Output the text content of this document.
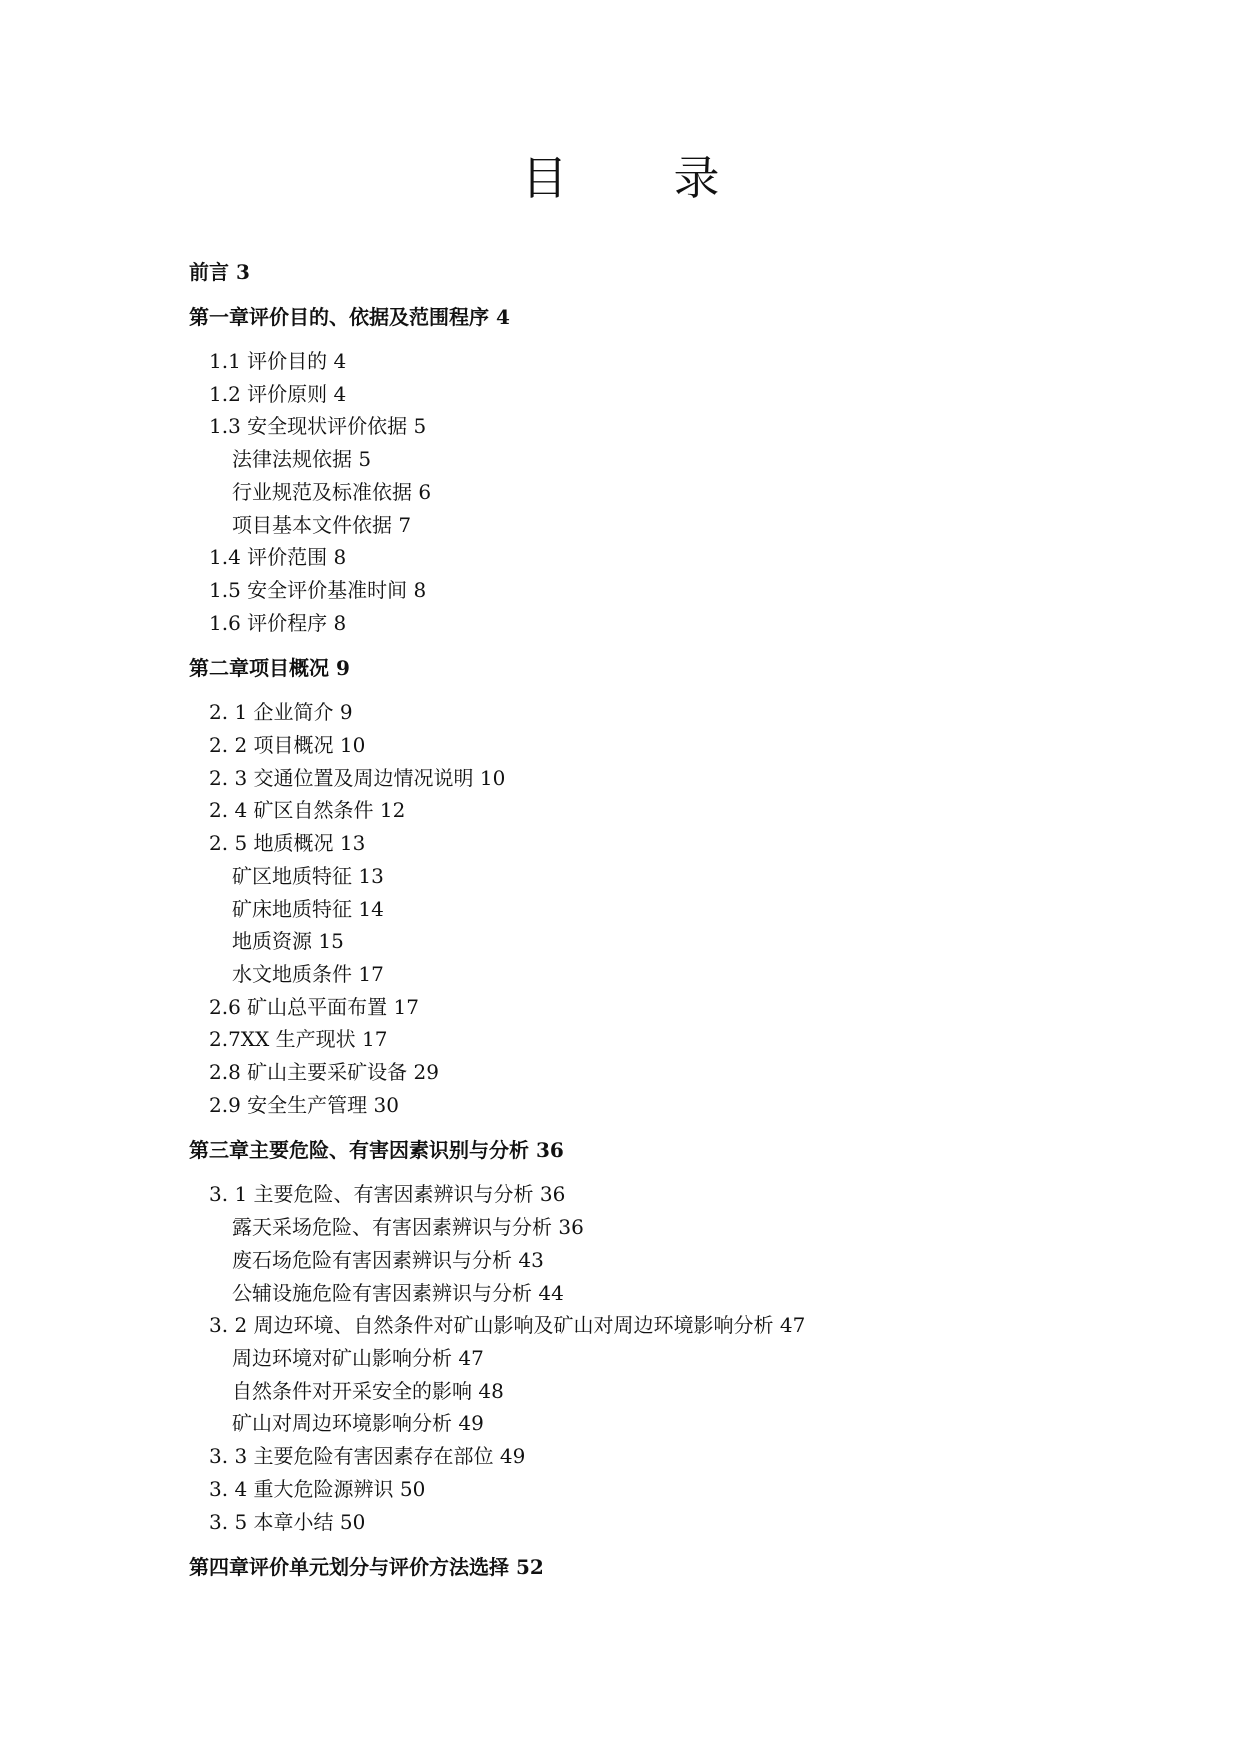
目　录
前言 3
第一章评价目的、依据及范围程序 4
1.1 评价目的 4
1.2 评价原则 4
1.3 安全现状评价依据 5
法律法规依据 5
行业规范及标准依据 6
项目基本文件依据 7
1.4 评价范围 8
1.5 安全评价基准时间 8
1.6 评价程序 8
第二章项目概况 9
2. 1 企业简介 9
2. 2 项目概况 10
2. 3 交通位置及周边情况说明 10
2. 4 矿区自然条件 12
2. 5 地质概况 13
矿区地质特征 13
矿床地质特征 14
地质资源 15
水文地质条件 17
2.6 矿山总平面布置 17
2.7XX 生产现状 17
2.8 矿山主要采矿设备 29
2.9 安全生产管理 30
第三章主要危险、有害因素识别与分析 36
3. 1 主要危险、有害因素辨识与分析 36
露天采场危险、有害因素辨识与分析 36
废石场危险有害因素辨识与分析 43
公辅设施危险有害因素辨识与分析 44
3. 2 周边环境、自然条件对矿山影响及矿山对周边环境影响分析 47
周边环境对矿山影响分析 47
自然条件对开采安全的影响 48
矿山对周边环境影响分析 49
3. 3 主要危险有害因素存在部位 49
3. 4 重大危险源辨识 50
3. 5 本章小结 50
第四章评价单元划分与评价方法选择 52
